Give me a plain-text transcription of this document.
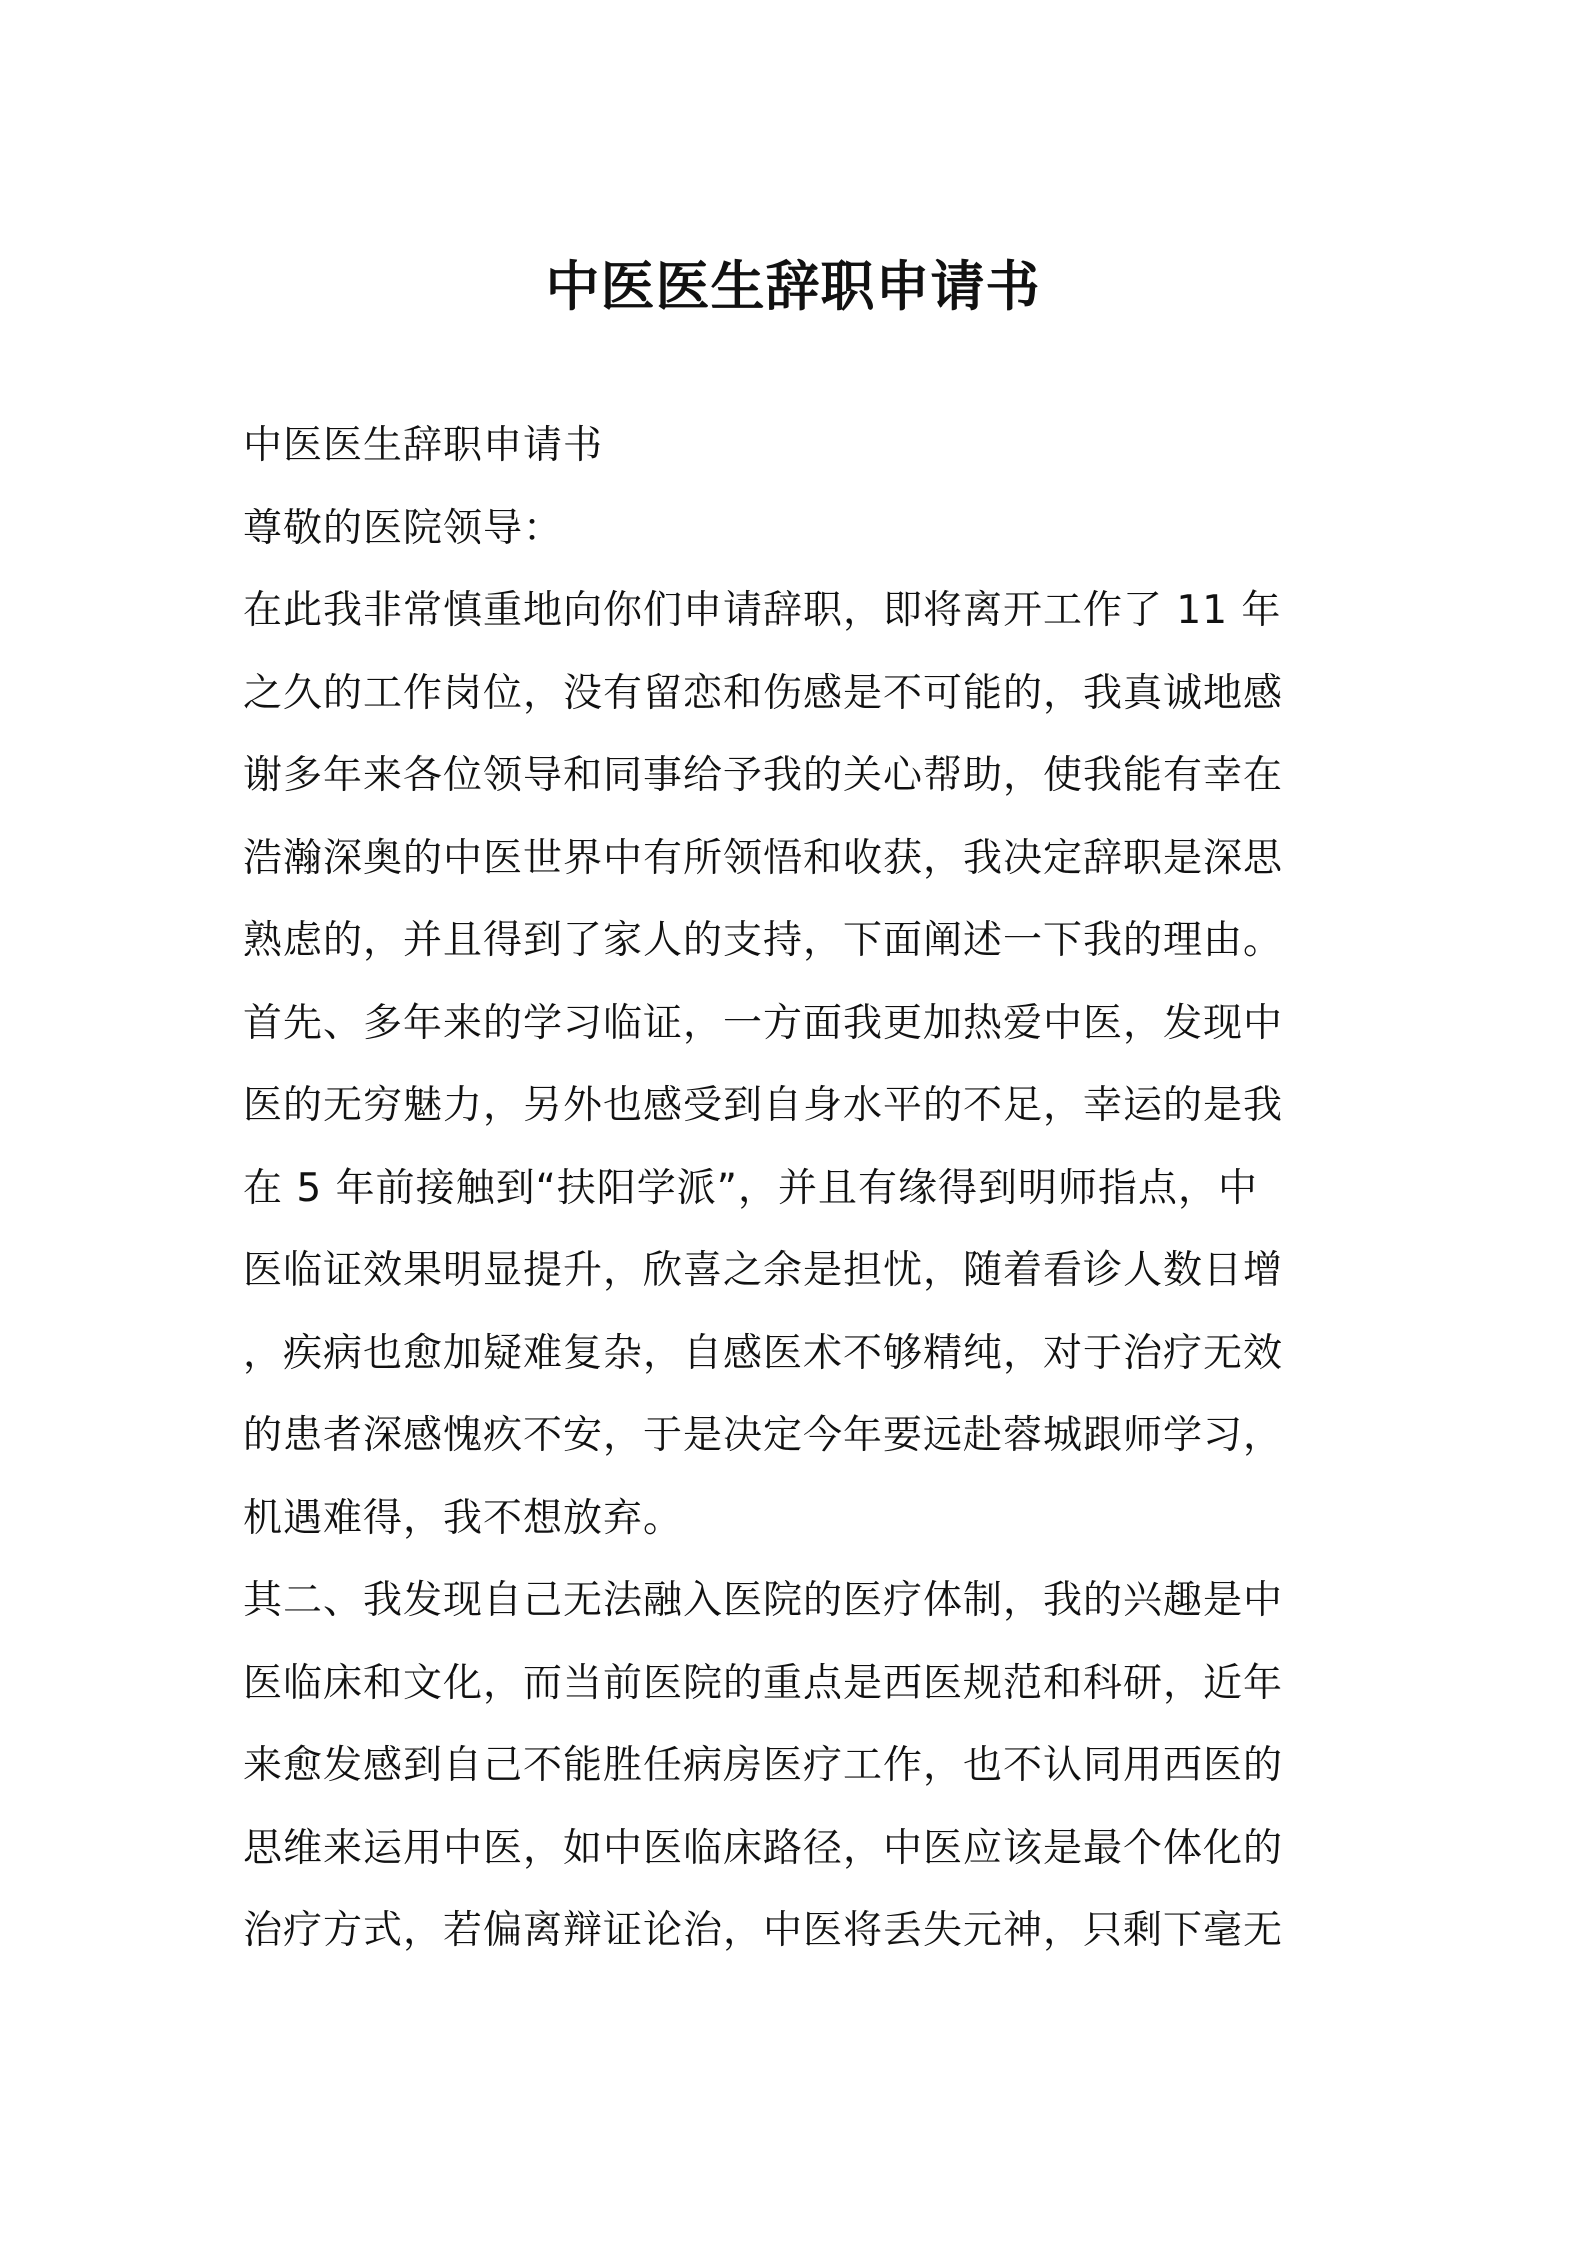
中医医生辞职申请书
中医医生辞职申请书
尊敬的医院领导：
在此我非常慎重地向你们申请辞职，即将离开工作了 11 年
之久的工作岗位，没有留恋和伤感是不可能的，我真诚地感
谢多年来各位领导和同事给予我的关心帮助，使我能有幸在
浩瀚深奥的中医世界中有所领悟和收获，我决定辞职是深思
熟虑的，并且得到了家人的支持，下面阐述一下我的理由。
首先、多年来的学习临证，一方面我更加热爱中医，发现中
医的无穷魅力，另外也感受到自身水平的不足，幸运的是我
在 5 年前接触到“扶阳学派”，并且有缘得到明师指点，中
医临证效果明显提升，欣喜之余是担忧，随着看诊人数日增
，疾病也愈加疑难复杂，自感医术不够精纯，对于治疗无效
的患者深感愧疚不安，于是决定今年要远赴蓉城跟师学习，
机遇难得，我不想放弃。
其二、我发现自己无法融入医院的医疗体制，我的兴趣是中
医临床和文化，而当前医院的重点是西医规范和科研，近年
来愈发感到自己不能胜任病房医疗工作，也不认同用西医的
思维来运用中医，如中医临床路径，中医应该是最个体化的
治疗方式，若偏离辩证论治，中医将丢失元神，只剩下毫无
